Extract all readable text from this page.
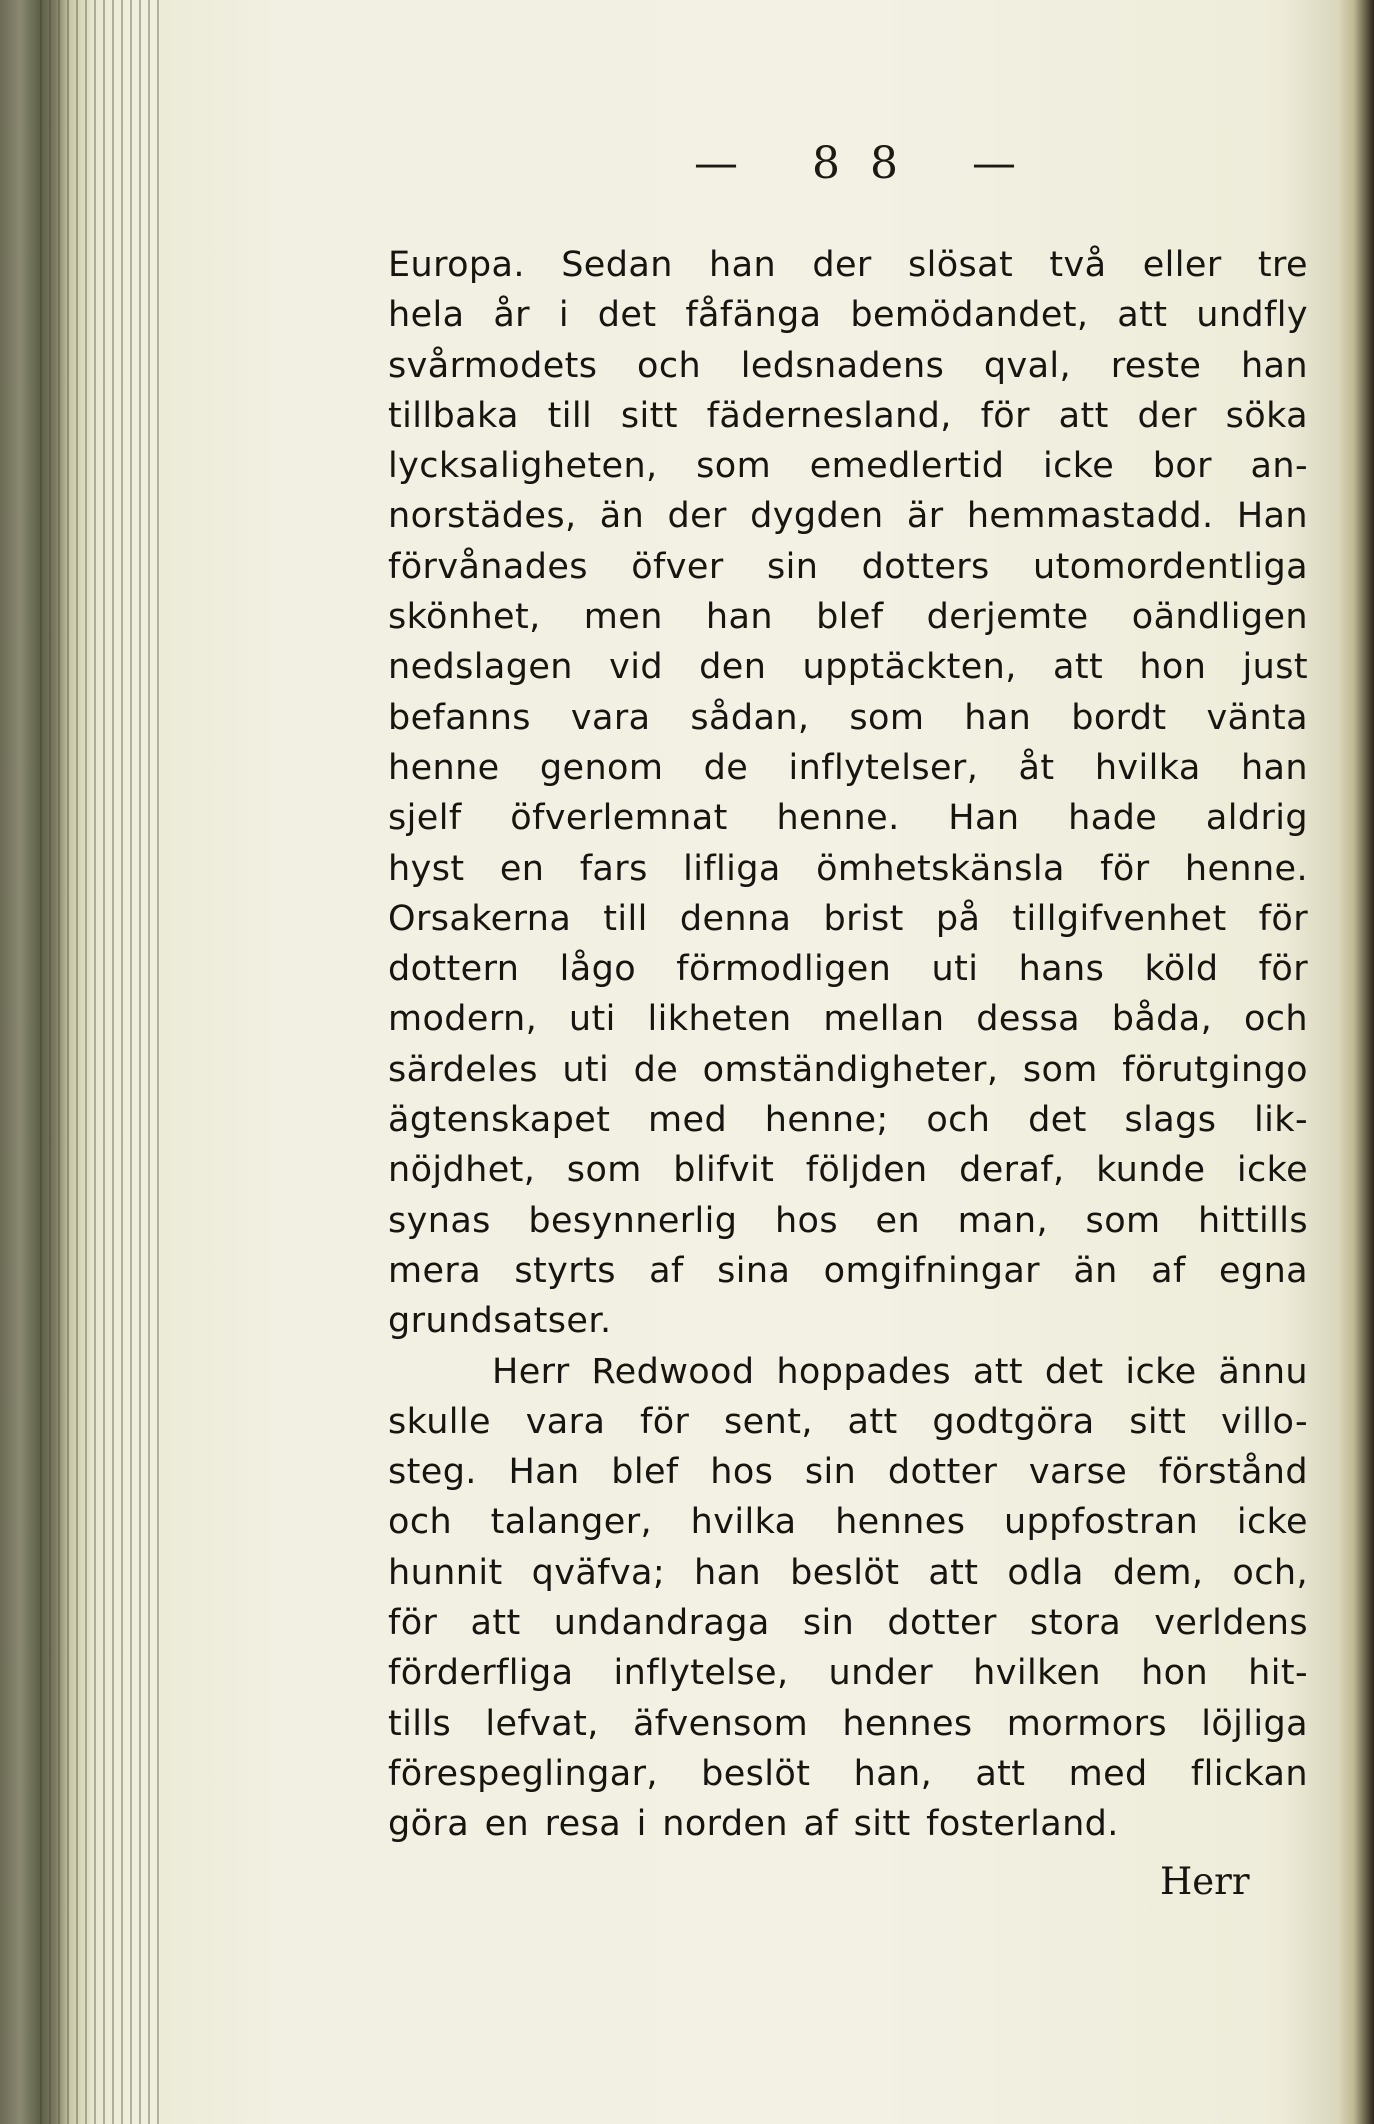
— 88 —
Europa. Sedan han der slösat två eller tre
hela år i det fåfänga bemödandet, att undfly
svårmodets och ledsnadens qval, reste han
tillbaka till sitt fädernesland, för att der söka
lycksaligheten, som emedlertid icke bor an-
norstädes, än der dygden är hemmastadd. Han
förvånades öfver sin dotters utomordentliga
skönhet, men han blef derjemte oändligen
nedslagen vid den upptäckten, att hon just
befanns vara sådan, som han bordt vänta
henne genom de inflytelser, åt hvilka han
sjelf öfverlemnat henne. Han hade aldrig
hyst en fars lifliga ömhetskänsla för henne.
Orsakerna till denna brist på tillgifvenhet för
dottern lågo förmodligen uti hans köld för
modern, uti likheten mellan dessa båda, och
särdeles uti de omständigheter, som förutgingo
ägtenskapet med henne; och det slags lik-
nöjdhet, som blifvit följden deraf, kunde icke
synas besynnerlig hos en man, som hittills
mera styrts af sina omgifningar än af egna
grundsatser.
Herr Redwood hoppades att det icke ännu
skulle vara för sent, att godtgöra sitt villo-
steg. Han blef hos sin dotter varse förstånd
och talanger, hvilka hennes uppfostran icke
hunnit qväfva; han beslöt att odla dem, och,
för att undandraga sin dotter stora verldens
förderfliga inflytelse, under hvilken hon hit-
tills lefvat, äfvensom hennes mormors löjliga
förespeglingar, beslöt han, att med flickan
göra en resa i norden af sitt fosterland.
Herr
